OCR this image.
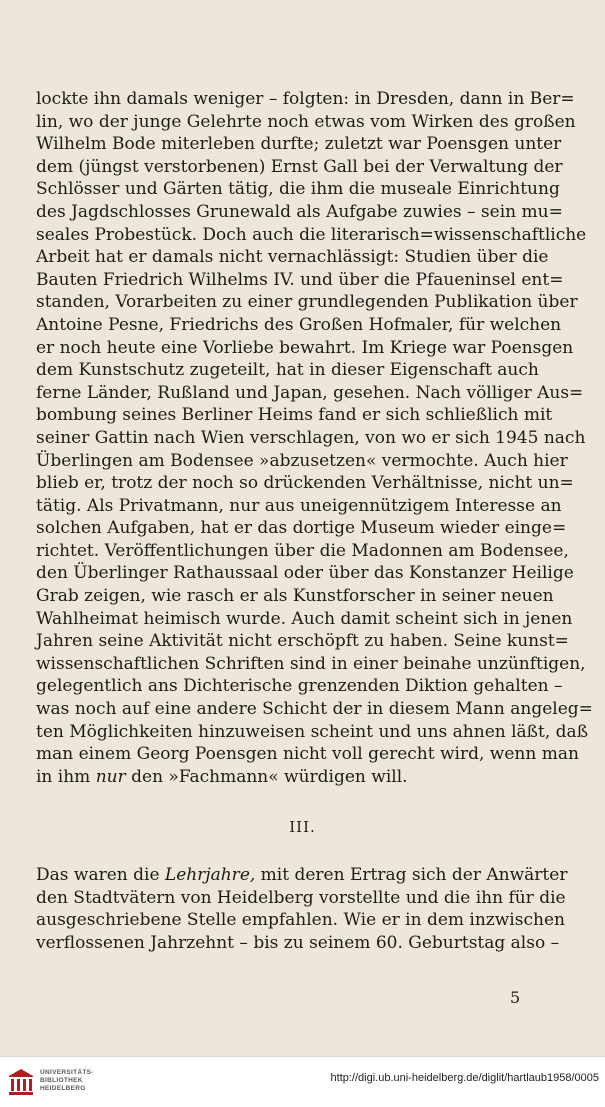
lockte ihn damals weniger – folgten: in Dresden, dann in Ber=
lin, wo der junge Gelehrte noch etwas vom Wirken des großen
Wilhelm Bode miterleben durfte; zuletzt war Poensgen unter
dem (jüngst verstorbenen) Ernst Gall bei der Verwaltung der
Schlösser und Gärten tätig, die ihm die museale Einrichtung
des Jagdschlosses Grunewald als Aufgabe zuwies – sein mu=
seales Probestück. Doch auch die literarisch=wissenschaftliche
Arbeit hat er damals nicht vernachlässigt: Studien über die
Bauten Friedrich Wilhelms IV. und über die Pfaueninsel ent=
standen, Vorarbeiten zu einer grundlegenden Publikation über
Antoine Pesne, Friedrichs des Großen Hofmaler, für welchen
er noch heute eine Vorliebe bewahrt. Im Kriege war Poensgen
dem Kunstschutz zugeteilt, hat in dieser Eigenschaft auch
ferne Länder, Rußland und Japan, gesehen. Nach völliger Aus=
bombung seines Berliner Heims fand er sich schließlich mit
seiner Gattin nach Wien verschlagen, von wo er sich 1945 nach
Überlingen am Bodensee »abzusetzen« vermochte. Auch hier
blieb er, trotz der noch so drückenden Verhältnisse, nicht un=
tätig. Als Privatmann, nur aus uneigennützigem Interesse an
solchen Aufgaben, hat er das dortige Museum wieder einge=
richtet. Veröffentlichungen über die Madonnen am Bodensee,
den Überlinger Rathaussaal oder über das Konstanzer Heilige
Grab zeigen, wie rasch er als Kunstforscher in seiner neuen
Wahlheimat heimisch wurde. Auch damit scheint sich in jenen
Jahren seine Aktivität nicht erschöpft zu haben. Seine kunst=
wissenschaftlichen Schriften sind in einer beinahe unzünftigen,
gelegentlich ans Dichterische grenzenden Diktion gehalten –
was noch auf eine andere Schicht der in diesem Mann angeleg=
ten Möglichkeiten hinzuweisen scheint und uns ahnen läßt, daß
man einem Georg Poensgen nicht voll gerecht wird, wenn man
in ihm nur den »Fachmann« würdigen will.
III.
Das waren die Lehrjahre, mit deren Ertrag sich der Anwärter
den Stadtvätern von Heidelberg vorstellte und die ihn für die
ausgeschriebene Stelle empfahlen. Wie er in dem inzwischen
verflossenen Jahrzehnt – bis zu seinem 60. Geburtstag also –
5
UNIVERSITÄTS-
BIBLIOTHEK
HEIDELBERG
http://digi.ub.uni-heidelberg.de/diglit/hartlaub1958/0005
